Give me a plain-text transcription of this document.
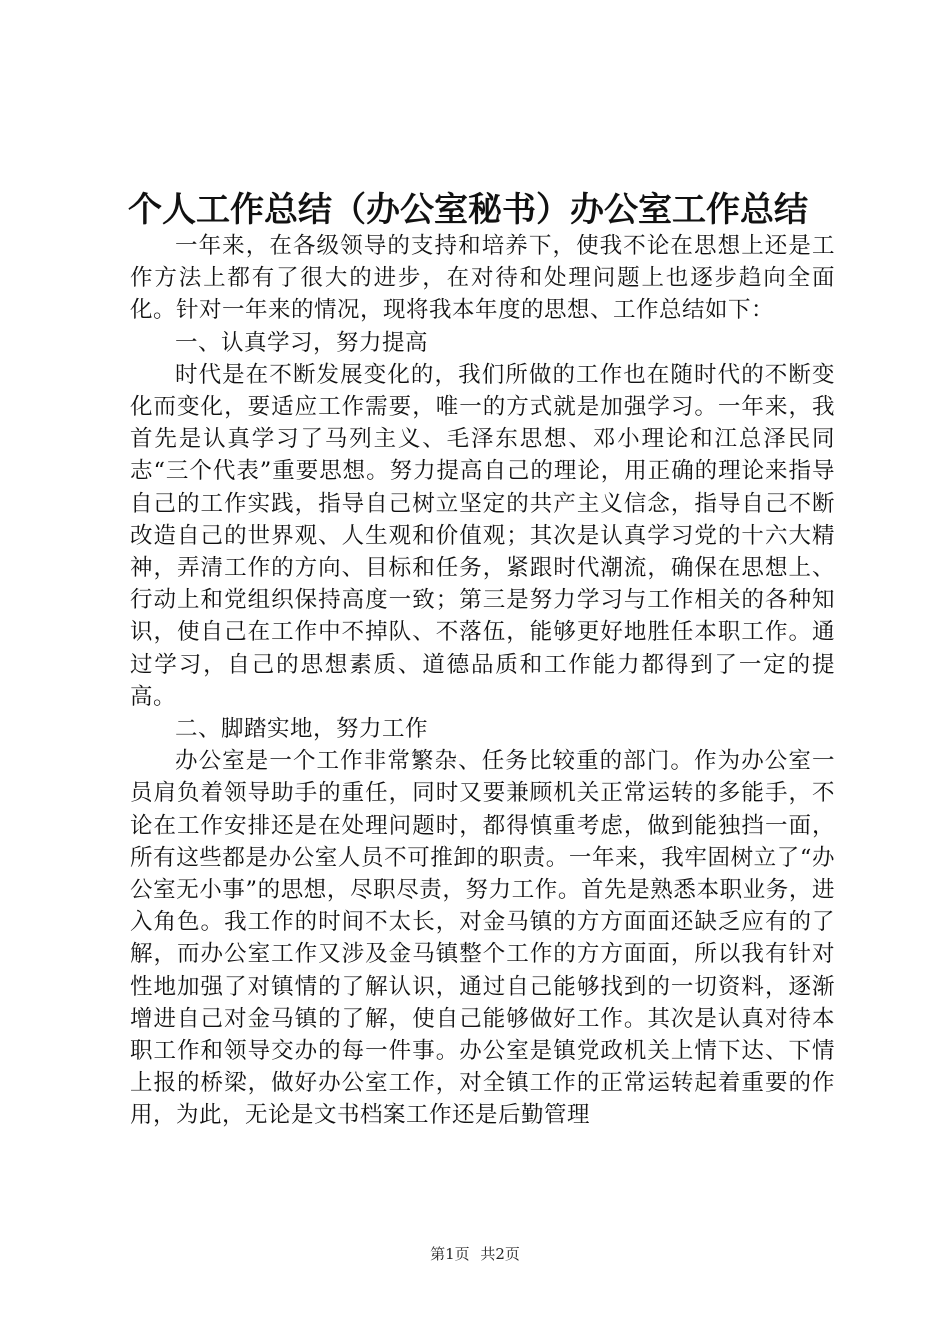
个人工作总结（办公室秘书）办公室工作总结

一年来，在各级领导的支持和培养下，使我不论在思想上还是工作方法上都有了很大的进步，在对待和处理问题上也逐步趋向全面化。针对一年来的情况，现将我本年度的思想、工作总结如下：

一、认真学习，努力提高

时代是在不断发展变化的，我们所做的工作也在随时代的不断变化而变化，要适应工作需要，唯一的方式就是加强学习。一年来，我首先是认真学习了马列主义、毛泽东思想、邓小理论和江总泽民同志“三个代表”重要思想。努力提高自己的理论，用正确的理论来指导自己的工作实践，指导自己树立坚定的共产主义信念，指导自己不断改造自己的世界观、人生观和价值观；其次是认真学习党的十六大精神，弄清工作的方向、目标和任务，紧跟时代潮流，确保在思想上、行动上和党组织保持高度一致；第三是努力学习与工作相关的各种知识，使自己在工作中不掉队、不落伍，能够更好地胜任本职工作。通过学习，自己的思想素质、道德品质和工作能力都得到了一定的提高。

二、脚踏实地，努力工作

办公室是一个工作非常繁杂、任务比较重的部门。作为办公室一员肩负着领导助手的重任，同时又要兼顾机关正常运转的多能手，不论在工作安排还是在处理问题时，都得慎重考虑，做到能独挡一面，所有这些都是办公室人员不可推卸的职责。一年来，我牢固树立了“办公室无小事”的思想，尽职尽责，努力工作。首先是熟悉本职业务，进入角色。我工作的时间不太长，对金马镇的方方面面还缺乏应有的了解，而办公室工作又涉及金马镇整个工作的方方面面，所以我有针对性地加强了对镇情的了解认识，通过自己能够找到的一切资料，逐渐增进自己对金马镇的了解，使自己能够做好工作。其次是认真对待本职工作和领导交办的每一件事。办公室是镇党政机关上情下达、下情上报的桥梁，做好办公室工作，对全镇工作的正常运转起着重要的作用，为此，无论是文书档案工作还是后勤管理

第1页 共2页
